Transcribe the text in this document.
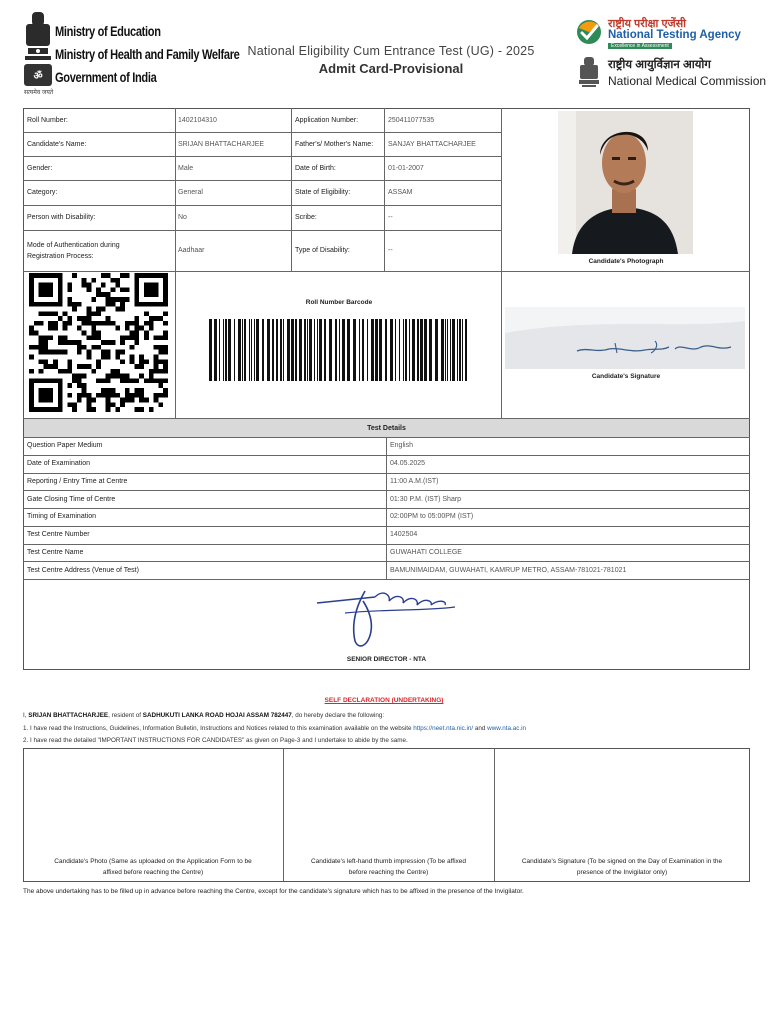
ॐ
Ministry of Education
Ministry of Health and Family Welfare
Government of India
सत्यमेव जयते
National Eligibility Cum Entrance Test (UG) - 2025
Admit Card-Provisional
राष्ट्रीय परीक्षा एजेंसी
National Testing Agency
Excellence in Assessment
राष्ट्रीय आयुर्विज्ञान आयोग
National Medical Commission
Roll Number:	1402104310	Application Number:	250411077535
Candidate's Name:	SRIJAN BHATTACHARJEE	Father's/ Mother's Name: SANJAY BHATTACHARJEE
Gender:	Male	Date of Birth:	01-01-2007
Category:	General	State of Eligibility:	ASSAM
Person with Disability:	No	Scribe:	--
Mode of Authentication during
Registration Process:
Aadhaar	Type of Disability:	--
Candidate's Photograph
Roll Number Barcode
Candidate's Signature
Test Details
Question Paper Medium	English
Date of Examination	04.05.2025
Reporting / Entry Time at Centre	11:00 A.M.(IST)
Gate Closing Time of Centre	01:30 P.M. (IST) Sharp
Timing of Examination	02:00PM to 05:00PM (IST)
Test Centre Number	1402504
Test Centre Name	GUWAHATI COLLEGE
Test Centre Address (Venue of Test)	BAMUNIMAIDAM, GUWAHATI, KAMRUP METRO, ASSAM-781021-781021
SENIOR DIRECTOR - NTA
SELF DECLARATION (UNDERTAKING)
I, SRIJAN BHATTACHARJEE, resident of SADHUKUTI LANKA ROAD HOJAI ASSAM 782447, do hereby declare the following:
1. I have read the Instructions, Guidelines, Information Bulletin, Instructions and Notices related to this examination available on the website https://neet.nta.nic.in/ and www.nta.ac.in
2. I have read the detailed "IMPORTANT INSTRUCTIONS FOR CANDIDATES" as given on Page-3 and I undertake to abide by the same.
Candidate's Photo (Same as uploaded on the Application Form to be
affixed before reaching the Centre)
Candidate's left-hand thumb impression (To be affixed
before reaching the Centre)
Candidate's Signature (To be signed on the Day of Examination in the
presence of the Invigilator only)
The above undertaking has to be filled up in advance before reaching the Centre, except for the candidate's signature which has to be affixed in the presence of the Invigilator.
